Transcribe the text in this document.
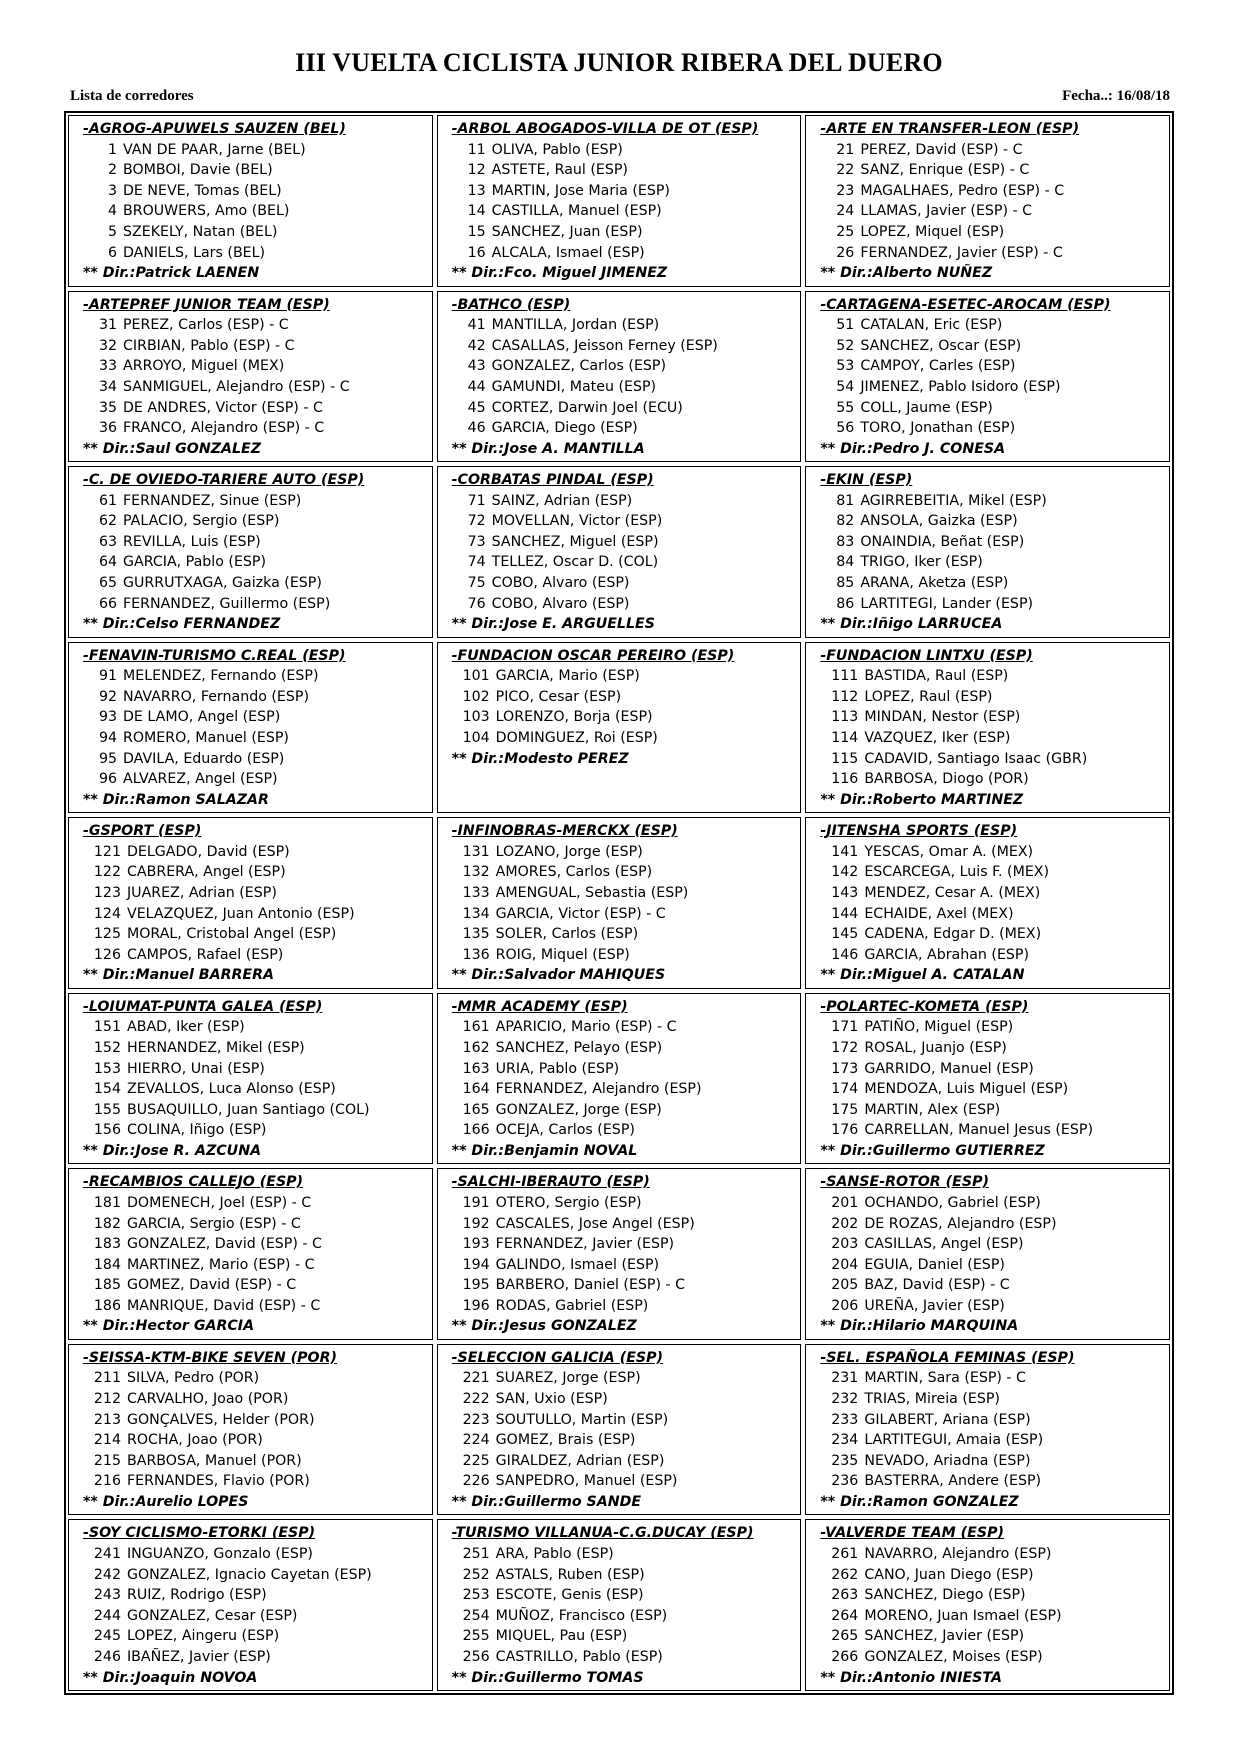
III VUELTA CICLISTA JUNIOR RIBERA DEL DUERO
Lista de corredores	Fecha..: 16/08/18
-AGROG-APUWELS SAUZEN (BEL)
1 VAN DE PAAR, Jarne (BEL)
2 BOMBOI, Davie (BEL)
3 DE NEVE, Tomas (BEL)
4 BROUWERS, Amo (BEL)
5 SZEKELY, Natan (BEL)
6 DANIELS, Lars (BEL)
** Dir.:Patrick LAENEN
-ARBOL ABOGADOS-VILLA DE OT (ESP)
11 OLIVA, Pablo (ESP)
12 ASTETE, Raul (ESP)
13 MARTIN, Jose Maria (ESP)
14 CASTILLA, Manuel (ESP)
15 SANCHEZ, Juan (ESP)
16 ALCALA, Ismael (ESP)
** Dir.:Fco. Miguel JIMENEZ
-ARTE EN TRANSFER-LEON (ESP)
21 PEREZ, David (ESP) - C
22 SANZ, Enrique (ESP) - C
23 MAGALHAES, Pedro (ESP) - C
24 LLAMAS, Javier (ESP) - C
25 LOPEZ, Miquel (ESP)
26 FERNANDEZ, Javier (ESP) - C
** Dir.:Alberto NUÑEZ
-ARTEPREF JUNIOR TEAM (ESP)
31 PEREZ, Carlos (ESP) - C
32 CIRBIAN, Pablo (ESP) - C
33 ARROYO, Miguel (MEX)
34 SANMIGUEL, Alejandro (ESP) - C
35 DE ANDRES, Victor (ESP) - C
36 FRANCO, Alejandro (ESP) - C
** Dir.:Saul GONZALEZ
-BATHCO (ESP)
41 MANTILLA, Jordan (ESP)
42 CASALLAS, Jeisson Ferney (ESP)
43 GONZALEZ, Carlos (ESP)
44 GAMUNDI, Mateu (ESP)
45 CORTEZ, Darwin Joel (ECU)
46 GARCIA, Diego (ESP)
** Dir.:Jose A. MANTILLA
-CARTAGENA-ESETEC-AROCAM (ESP)
51 CATALAN, Eric (ESP)
52 SANCHEZ, Oscar (ESP)
53 CAMPOY, Carles (ESP)
54 JIMENEZ, Pablo Isidoro (ESP)
55 COLL, Jaume (ESP)
56 TORO, Jonathan (ESP)
** Dir.:Pedro J. CONESA
-C. DE OVIEDO-TARIERE AUTO (ESP)
61 FERNANDEZ, Sinue (ESP)
62 PALACIO, Sergio (ESP)
63 REVILLA, Luis (ESP)
64 GARCIA, Pablo (ESP)
65 GURRUTXAGA, Gaizka (ESP)
66 FERNANDEZ, Guillermo (ESP)
** Dir.:Celso FERNANDEZ
-CORBATAS PINDAL (ESP)
71 SAINZ, Adrian (ESP)
72 MOVELLAN, Victor (ESP)
73 SANCHEZ, Miguel (ESP)
74 TELLEZ, Oscar D. (COL)
75 COBO, Alvaro (ESP)
76 COBO, Alvaro (ESP)
** Dir.:Jose E. ARGUELLES
-EKIN (ESP)
81 AGIRREBEITIA, Mikel (ESP)
82 ANSOLA, Gaizka (ESP)
83 ONAINDIA, Beñat (ESP)
84 TRIGO, Iker (ESP)
85 ARANA, Aketza (ESP)
86 LARTITEGI, Lander (ESP)
** Dir.:Iñigo LARRUCEA
-FENAVIN-TURISMO C.REAL (ESP)
91 MELENDEZ, Fernando (ESP)
92 NAVARRO, Fernando (ESP)
93 DE LAMO, Angel (ESP)
94 ROMERO, Manuel (ESP)
95 DAVILA, Eduardo (ESP)
96 ALVAREZ, Angel (ESP)
** Dir.:Ramon SALAZAR
-FUNDACION OSCAR PEREIRO (ESP)
101 GARCIA, Mario (ESP)
102 PICO, Cesar (ESP)
103 LORENZO, Borja (ESP)
104 DOMINGUEZ, Roi (ESP)
** Dir.:Modesto PEREZ
-FUNDACION LINTXU (ESP)
111 BASTIDA, Raul (ESP)
112 LOPEZ, Raul (ESP)
113 MINDAN, Nestor (ESP)
114 VAZQUEZ, Iker (ESP)
115 CADAVID, Santiago Isaac (GBR)
116 BARBOSA, Diogo (POR)
** Dir.:Roberto MARTINEZ
-GSPORT (ESP)
121 DELGADO, David (ESP)
122 CABRERA, Angel (ESP)
123 JUAREZ, Adrian (ESP)
124 VELAZQUEZ, Juan Antonio (ESP)
125 MORAL, Cristobal Angel (ESP)
126 CAMPOS, Rafael (ESP)
** Dir.:Manuel BARRERA
-INFINOBRAS-MERCKX (ESP)
131 LOZANO, Jorge (ESP)
132 AMORES, Carlos (ESP)
133 AMENGUAL, Sebastia (ESP)
134 GARCIA, Victor (ESP) - C
135 SOLER, Carlos (ESP)
136 ROIG, Miquel (ESP)
** Dir.:Salvador MAHIQUES
-JITENSHA SPORTS (ESP)
141 YESCAS, Omar A. (MEX)
142 ESCARCEGA, Luis F. (MEX)
143 MENDEZ, Cesar A. (MEX)
144 ECHAIDE, Axel (MEX)
145 CADENA, Edgar D. (MEX)
146 GARCIA, Abrahan (ESP)
** Dir.:Miguel A. CATALAN
-LOIUMAT-PUNTA GALEA (ESP)
151 ABAD, Iker (ESP)
152 HERNANDEZ, Mikel (ESP)
153 HIERRO, Unai (ESP)
154 ZEVALLOS, Luca Alonso (ESP)
155 BUSAQUILLO, Juan Santiago (COL)
156 COLINA, Iñigo (ESP)
** Dir.:Jose R. AZCUNA
-MMR ACADEMY (ESP)
161 APARICIO, Mario (ESP) - C
162 SANCHEZ, Pelayo (ESP)
163 URIA, Pablo (ESP)
164 FERNANDEZ, Alejandro (ESP)
165 GONZALEZ, Jorge (ESP)
166 OCEJA, Carlos (ESP)
** Dir.:Benjamin NOVAL
-POLARTEC-KOMETA (ESP)
171 PATIÑO, Miguel (ESP)
172 ROSAL, Juanjo (ESP)
173 GARRIDO, Manuel (ESP)
174 MENDOZA, Luis Miguel (ESP)
175 MARTIN, Alex (ESP)
176 CARRELLAN, Manuel Jesus (ESP)
** Dir.:Guillermo GUTIERREZ
-RECAMBIOS CALLEJO (ESP)
181 DOMENECH, Joel (ESP) - C
182 GARCIA, Sergio (ESP) - C
183 GONZALEZ, David (ESP) - C
184 MARTINEZ, Mario (ESP) - C
185 GOMEZ, David (ESP) - C
186 MANRIQUE, David (ESP) - C
** Dir.:Hector GARCIA
-SALCHI-IBERAUTO (ESP)
191 OTERO, Sergio (ESP)
192 CASCALES, Jose Angel (ESP)
193 FERNANDEZ, Javier (ESP)
194 GALINDO, Ismael (ESP)
195 BARBERO, Daniel (ESP) - C
196 RODAS, Gabriel (ESP)
** Dir.:Jesus GONZALEZ
-SANSE-ROTOR (ESP)
201 OCHANDO, Gabriel (ESP)
202 DE ROZAS, Alejandro (ESP)
203 CASILLAS, Angel (ESP)
204 EGUIA, Daniel (ESP)
205 BAZ, David (ESP) - C
206 UREÑA, Javier (ESP)
** Dir.:Hilario MARQUINA
-SEISSA-KTM-BIKE SEVEN (POR)
211 SILVA, Pedro (POR)
212 CARVALHO, Joao (POR)
213 GONÇALVES, Helder (POR)
214 ROCHA, Joao (POR)
215 BARBOSA, Manuel (POR)
216 FERNANDES, Flavio (POR)
** Dir.:Aurelio LOPES
-SELECCION GALICIA (ESP)
221 SUAREZ, Jorge (ESP)
222 SAN, Uxio (ESP)
223 SOUTULLO, Martin (ESP)
224 GOMEZ, Brais (ESP)
225 GIRALDEZ, Adrian (ESP)
226 SANPEDRO, Manuel (ESP)
** Dir.:Guillermo SANDE
-SEL. ESPAÑOLA FEMINAS (ESP)
231 MARTIN, Sara (ESP) - C
232 TRIAS, Mireia (ESP)
233 GILABERT, Ariana (ESP)
234 LARTITEGUI, Amaia (ESP)
235 NEVADO, Ariadna (ESP)
236 BASTERRA, Andere (ESP)
** Dir.:Ramon GONZALEZ
-SOY CICLISMO-ETORKI (ESP)
241 INGUANZO, Gonzalo (ESP)
242 GONZALEZ, Ignacio Cayetan (ESP)
243 RUIZ, Rodrigo (ESP)
244 GONZALEZ, Cesar (ESP)
245 LOPEZ, Aingeru (ESP)
246 IBAÑEZ, Javier (ESP)
** Dir.:Joaquin NOVOA
-TURISMO VILLANUA-C.G.DUCAY (ESP)
251 ARA, Pablo (ESP)
252 ASTALS, Ruben (ESP)
253 ESCOTE, Genis (ESP)
254 MUÑOZ, Francisco (ESP)
255 MIQUEL, Pau (ESP)
256 CASTRILLO, Pablo (ESP)
** Dir.:Guillermo TOMAS
-VALVERDE TEAM (ESP)
261 NAVARRO, Alejandro (ESP)
262 CANO, Juan Diego (ESP)
263 SANCHEZ, Diego (ESP)
264 MORENO, Juan Ismael (ESP)
265 SANCHEZ, Javier (ESP)
266 GONZALEZ, Moises (ESP)
** Dir.:Antonio INIESTA
